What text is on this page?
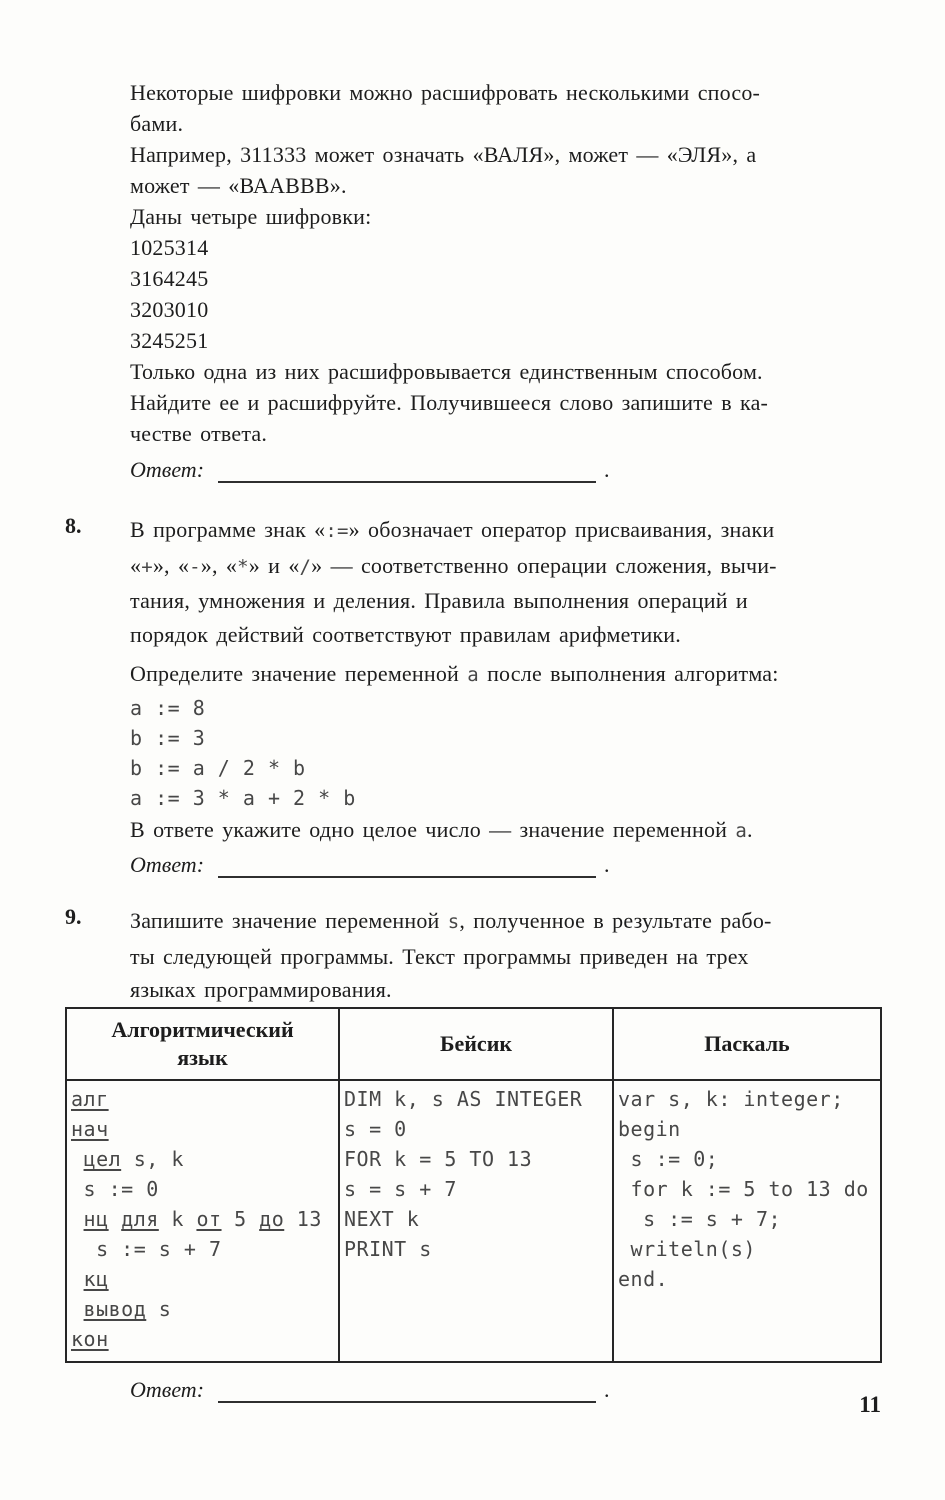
Некоторые шифровки можно расшифровать несколькими спосо-
бами.
Например, 311333 может означать «ВАЛЯ», может — «ЭЛЯ», а
может — «ВААВВВ».
Даны четыре шифровки:
1025314
3164245
3203010
3245251
Только одна из них расшифровывается единственным способом.
Найдите ее и расшифруйте. Получившееся слово запишите в ка-
честве ответа.
Ответ:	.
8. В программе знак «:=» обозначает оператор присваивания, знаки
«+», «-», «*» и «/» — соответственно операции сложения, вычи-
тания, умножения и деления. Правила выполнения операций и
порядок действий соответствуют правилам арифметики.
Определите значение переменной a после выполнения алгоритма:
a := 8
b := 3
b := a / 2 * b
a := 3 * a + 2 * b
В ответе укажите одно целое число — значение переменной a.
Ответ:	.
9. Запишите значение переменной s, полученное в результате рабо-
ты следующей программы. Текст программы приведен на трех
языках программирования.
Алгоритмический язык	Бейсик	Паскаль

алг
нач
цел s, k
s := 0
нц для k от 5 до 13
s := s + 7
кц
вывод s
кон

DIM k, s AS INTEGER
s = 0
FOR k = 5 TO 13
s = s + 7
NEXT k
PRINT s

var s, k: integer;
begin
s := 0;
for k := 5 to 13 do
s := s + 7;
writeln(s)
end.
Ответ:	.
11
